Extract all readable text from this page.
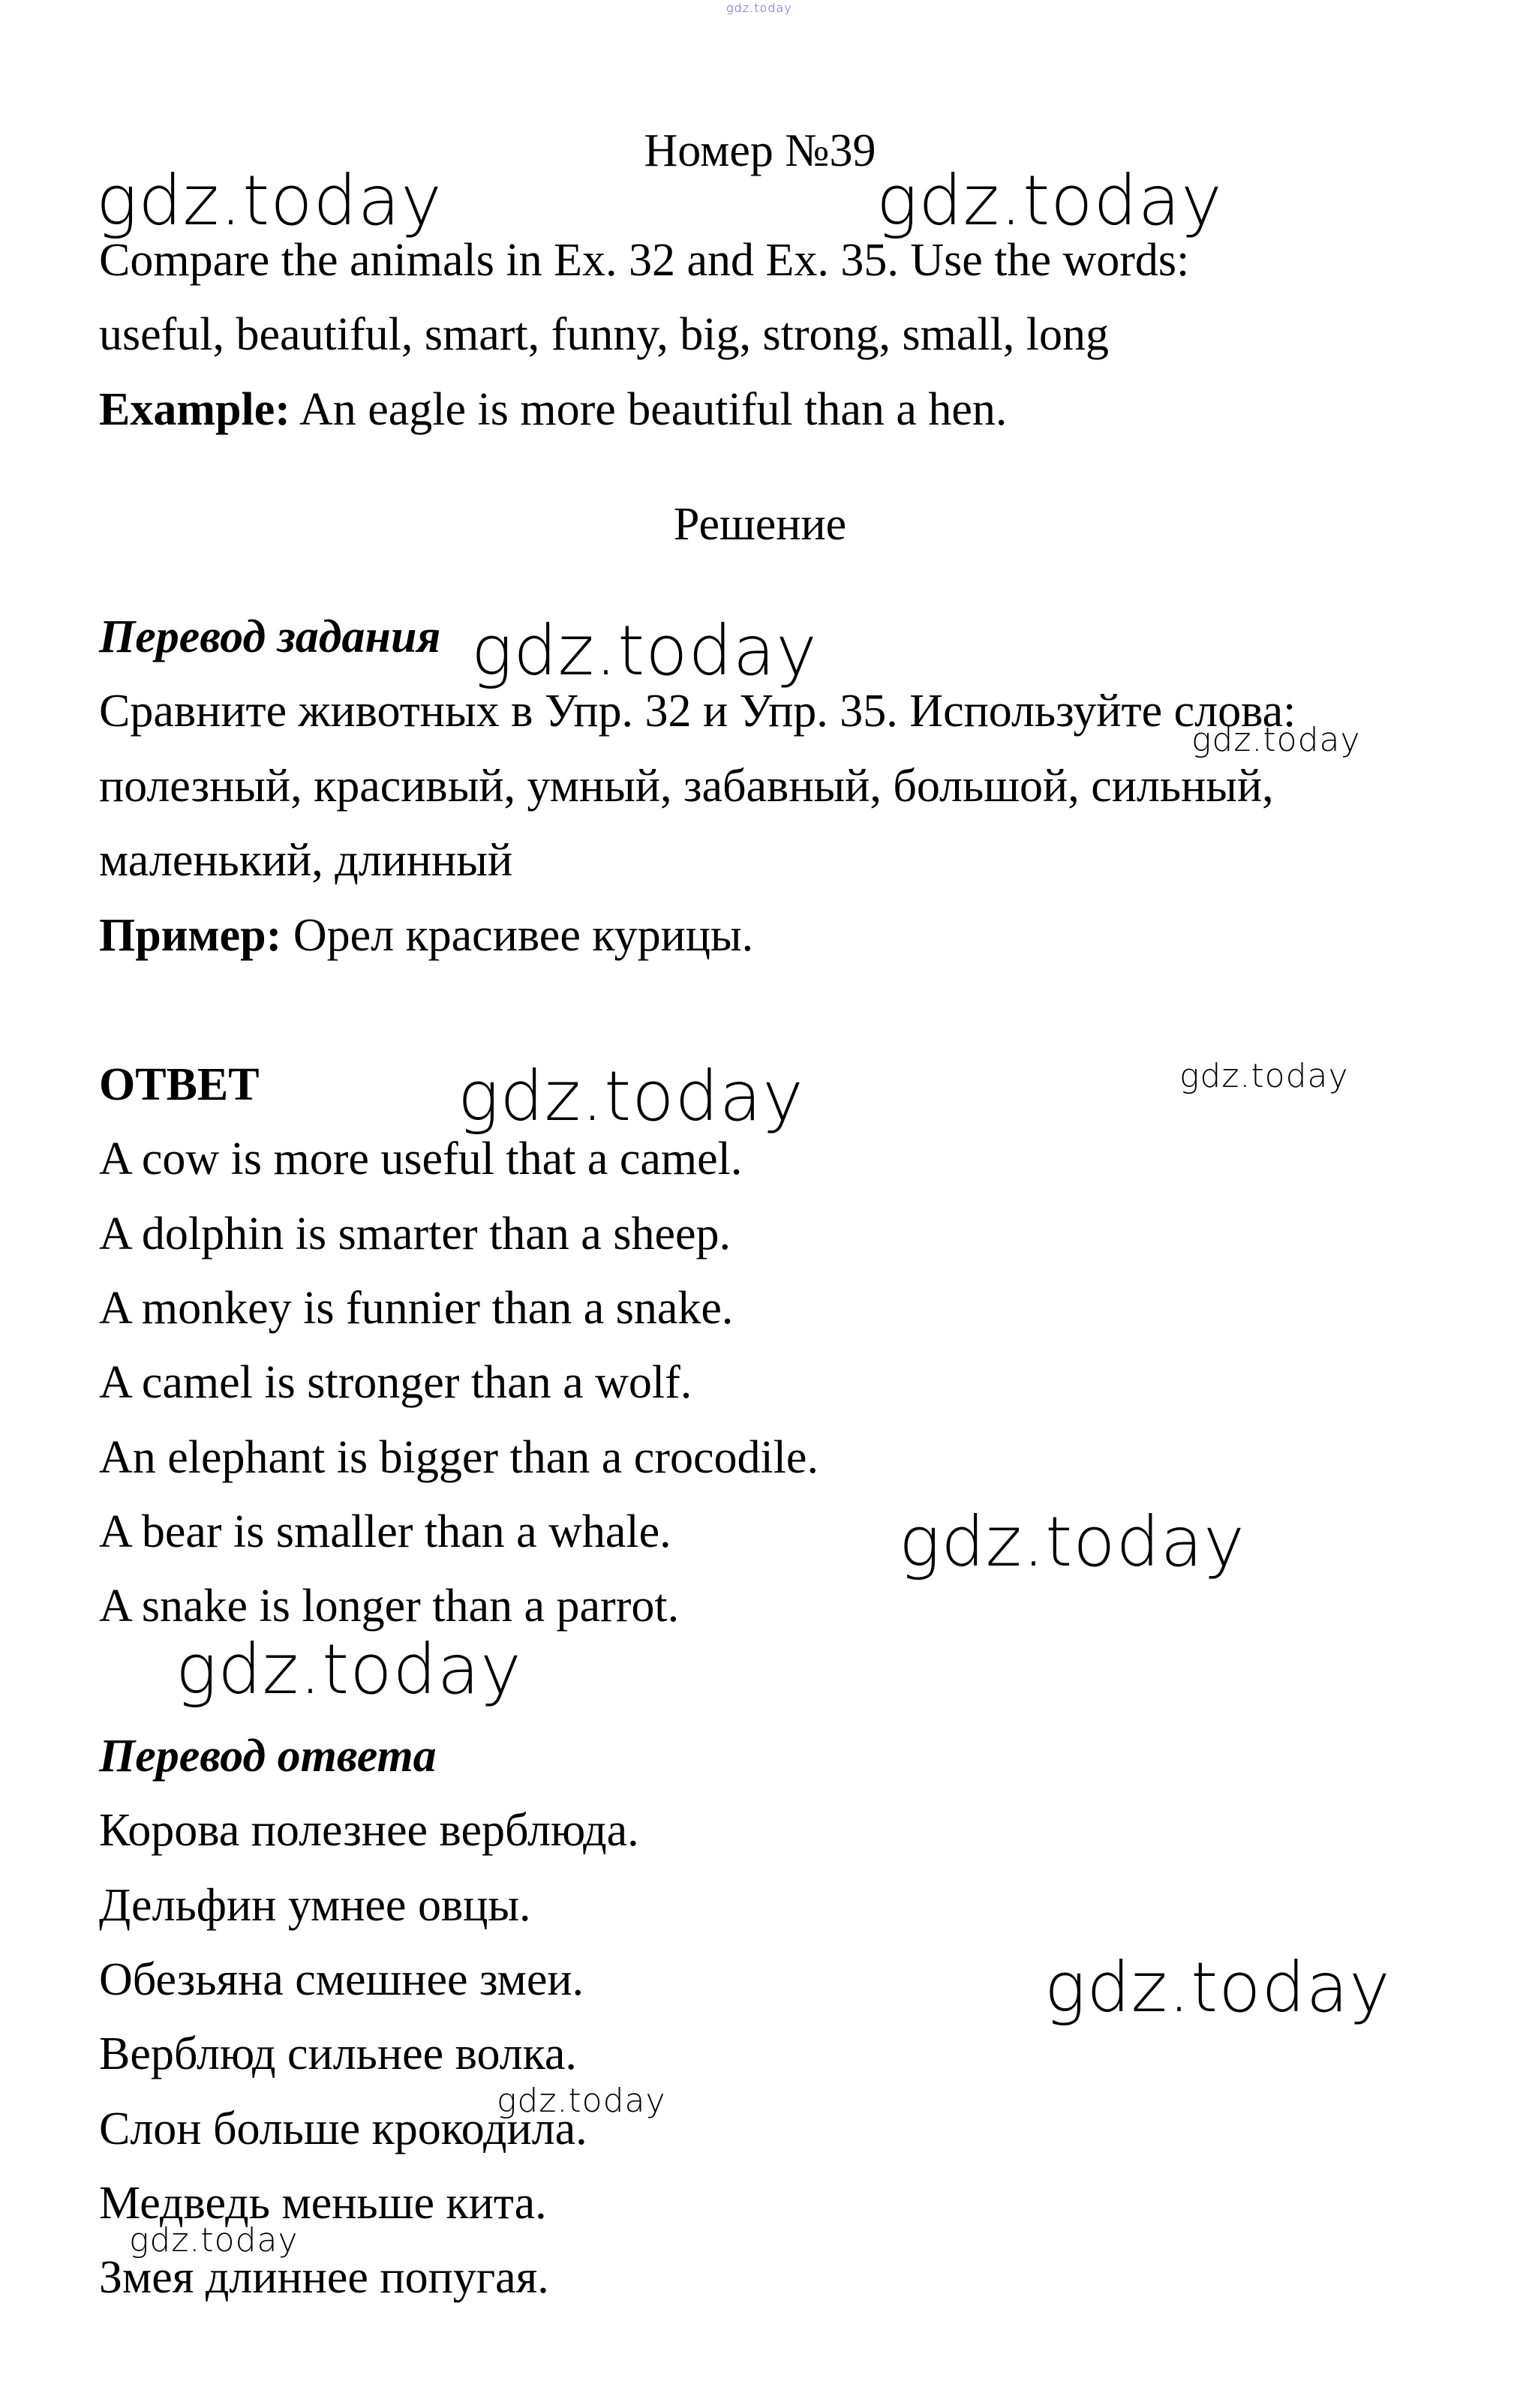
gdz.today
Номер №39
Compare the animals in Ex. 32 and Ex. 35. Use the words:
useful, beautiful, smart, funny, big, strong, small, long
Example: An eagle is more beautiful than a hen.
Решение
Перевод задания
Сравните животных в Упр. 32 и Упр. 35. Используйте слова:
полезный, красивый, умный, забавный, большой, сильный,
маленький, длинный
Пример: Орел красивее курицы.
ОТВЕТ
A cow is more useful that a camel.
A dolphin is smarter than a sheep.
A monkey is funnier than a snake.
A camel is stronger than a wolf.
An elephant is bigger than a crocodile.
A bear is smaller than a whale.
A snake is longer than a parrot.
Перевод ответа
Корова полезнее верблюда.
Дельфин умнее овцы.
Обезьяна смешнее змеи.
Верблюд сильнее волка.
Слон больше крокодила.
Медведь меньше кита.
Змея длиннее попугая.
gdz.today	gdz.today
gdz.today
gdz.today
gdz.today	gdz.today
gdz.today
gdz.today
gdz.today
gdz.today
gdz.today
